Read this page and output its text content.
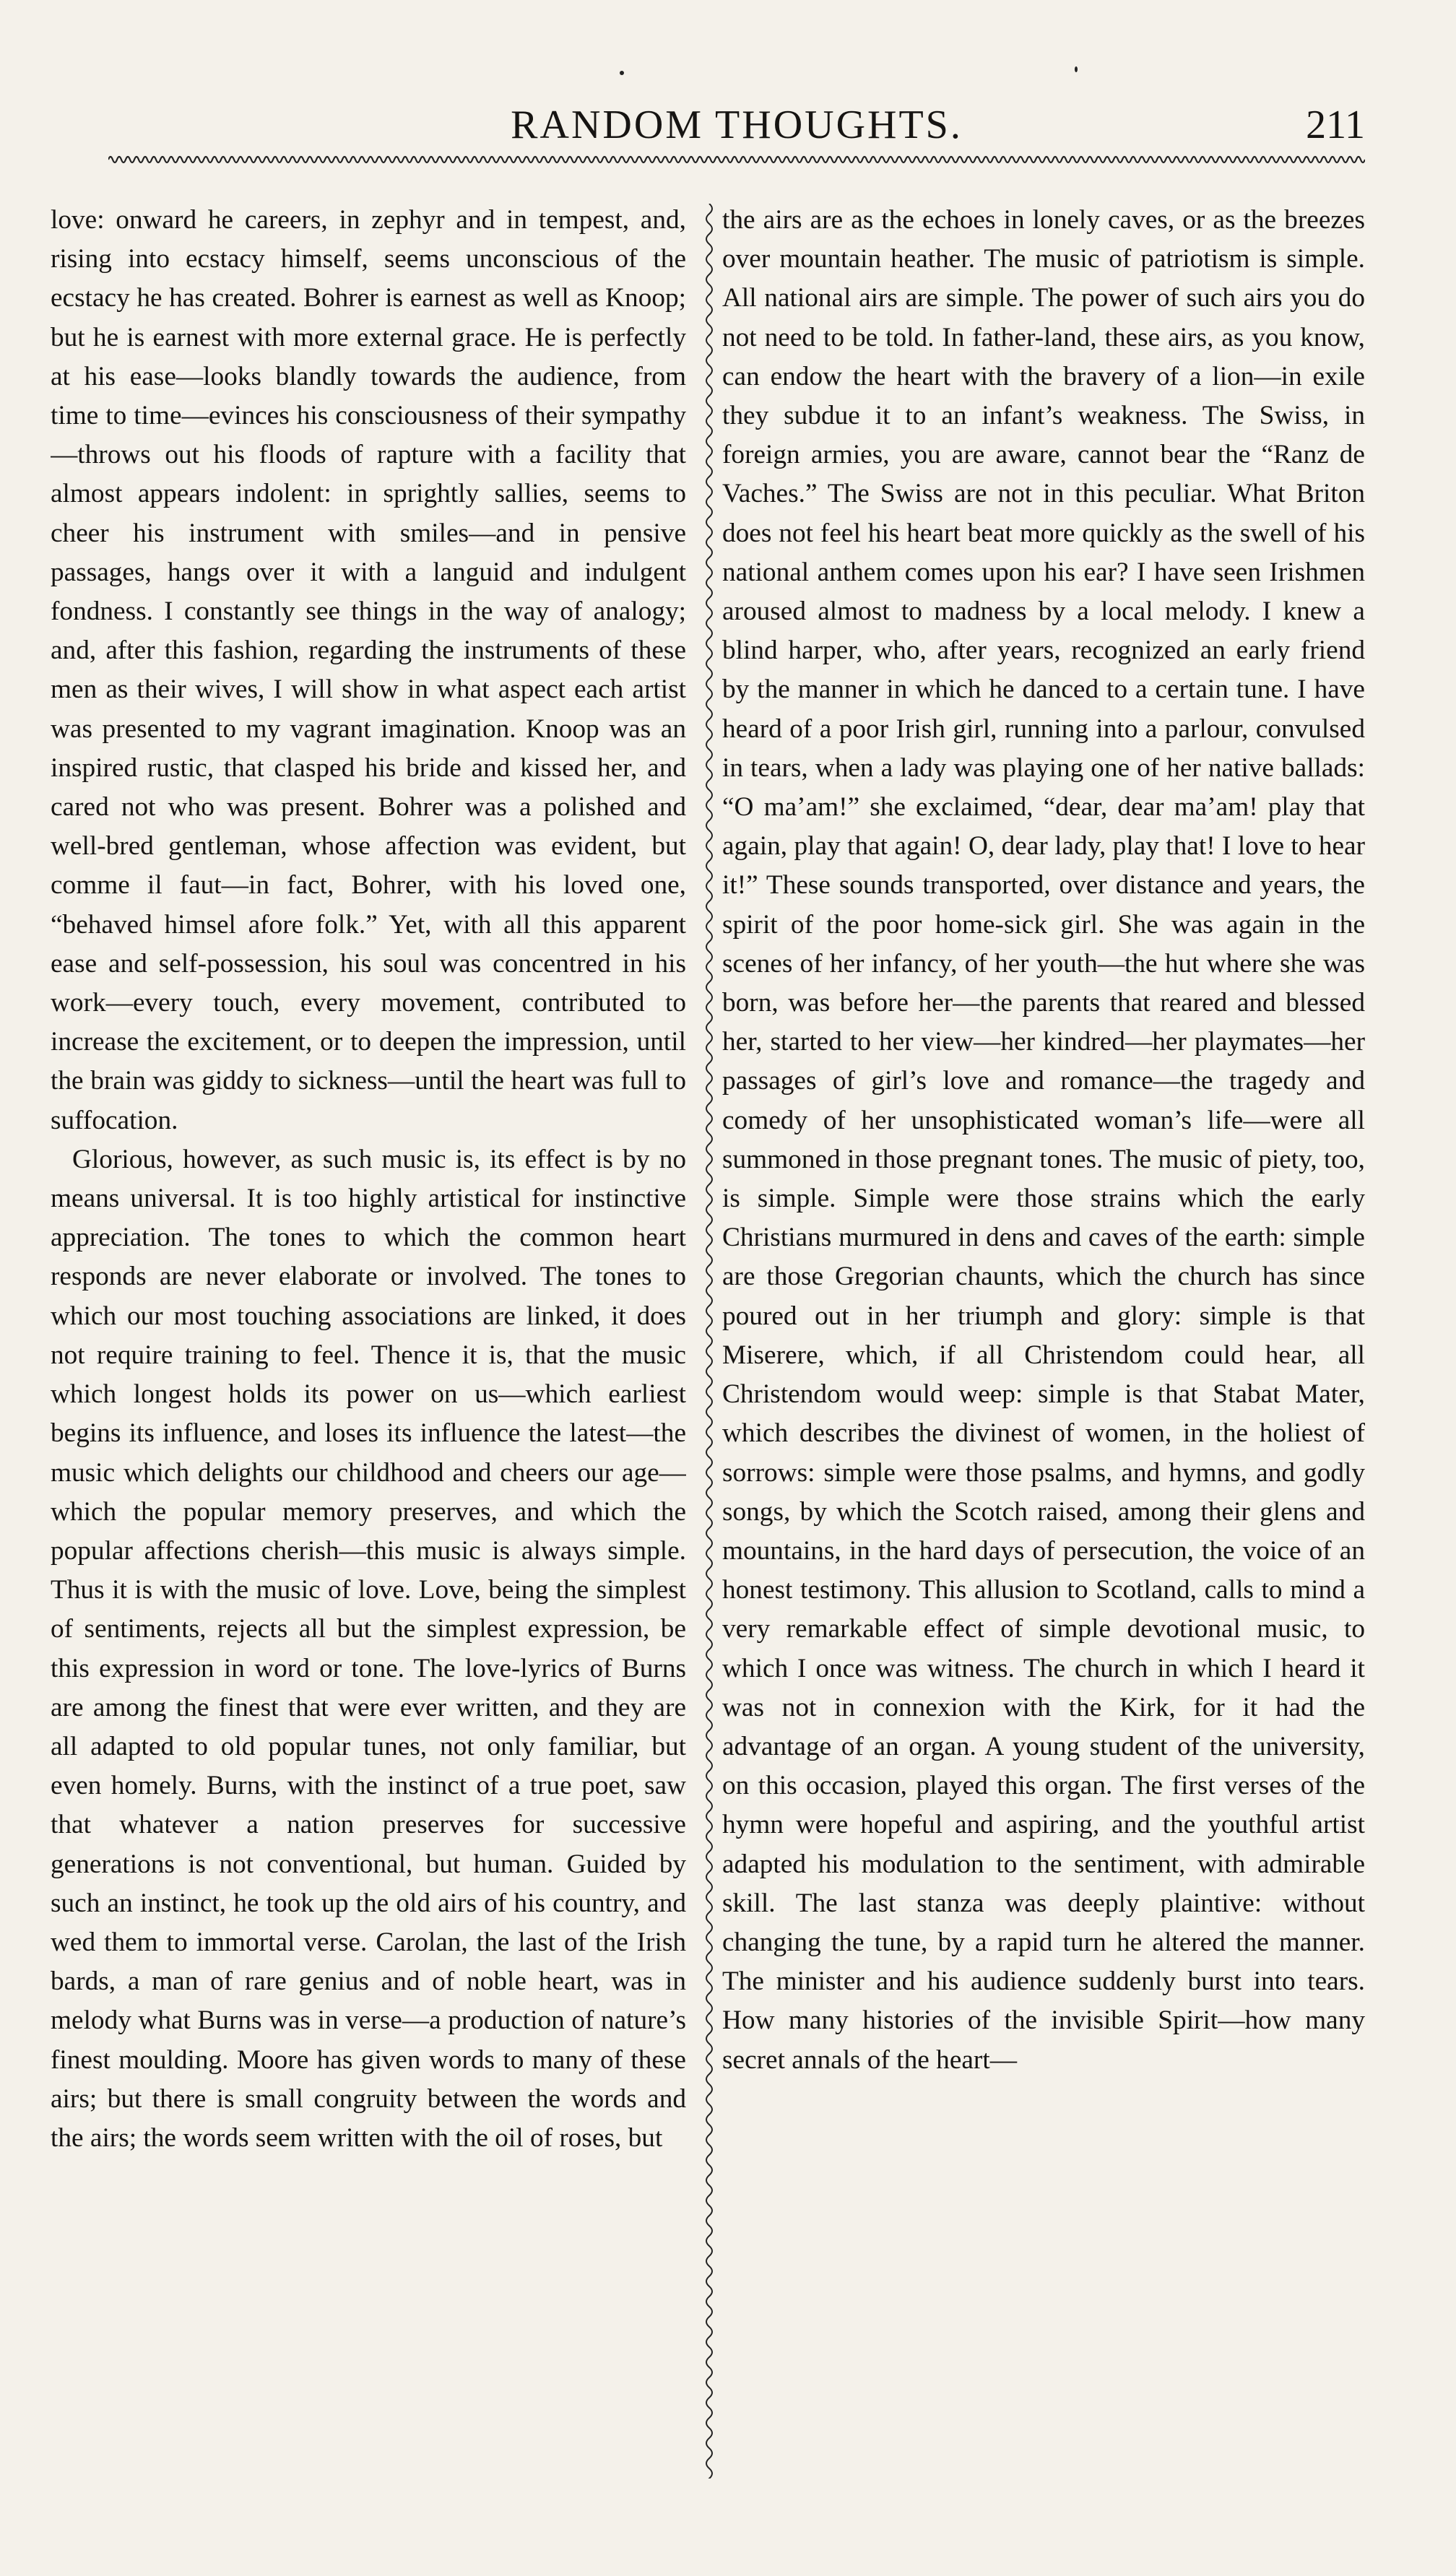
RANDOM THOUGHTS.	211

love: onward he careers, in zephyr and in tempest, and, rising into ecstacy himself, seems unconscious of the ecstacy he has created. Bohrer is earnest as well as Knoop; but he is earnest with more external grace. He is perfectly at his ease—looks blandly towards the audience, from time to time—evinces his consciousness of their sympathy—throws out his floods of rapture with a facility that almost appears indolent: in sprightly sallies, seems to cheer his instrument with smiles—and in pensive passages, hangs over it with a languid and indulgent fondness. I constantly see things in the way of analogy; and, after this fashion, regarding the instruments of these men as their wives, I will show in what aspect each artist was presented to my vagrant imagination. Knoop was an inspired rustic, that clasped his bride and kissed her, and cared not who was present. Bohrer was a polished and well-bred gentleman, whose affection was evident, but comme il faut—in fact, Bohrer, with his loved one, “behaved himsel afore folk.” Yet, with all this apparent ease and self-possession, his soul was concentred in his work—every touch, every movement, contributed to increase the excitement, or to deepen the impression, until the brain was giddy to sickness—until the heart was full to suffocation.

Glorious, however, as such music is, its effect is by no means universal. It is too highly artistical for instinctive appreciation. The tones to which the common heart responds are never elaborate or involved. The tones to which our most touching associations are linked, it does not require training to feel. Thence it is, that the music which longest holds its power on us—which earliest begins its influence, and loses its influence the latest—the music which delights our childhood and cheers our age—which the popular memory preserves, and which the popular affections cherish—this music is always simple. Thus it is with the music of love. Love, being the simplest of sentiments, rejects all but the simplest expression, be this expression in word or tone. The love-lyrics of Burns are among the finest that were ever written, and they are all adapted to old popular tunes, not only familiar, but even homely. Burns, with the instinct of a true poet, saw that whatever a nation preserves for successive generations is not conventional, but human. Guided by such an instinct, he took up the old airs of his country, and wed them to immortal verse. Carolan, the last of the Irish bards, a man of rare genius and of noble heart, was in melody what Burns was in verse—a production of nature’s finest moulding. Moore has given words to many of these airs; but there is small congruity between the words and the airs; the words seem written with the oil of roses, but

the airs are as the echoes in lonely caves, or as the breezes over mountain heather. The music of patriotism is simple. All national airs are simple. The power of such airs you do not need to be told. In father-land, these airs, as you know, can endow the heart with the bravery of a lion—in exile they subdue it to an infant’s weakness. The Swiss, in foreign armies, you are aware, cannot bear the “Ranz de Vaches.” The Swiss are not in this peculiar. What Briton does not feel his heart beat more quickly as the swell of his national anthem comes upon his ear? I have seen Irishmen aroused almost to madness by a local melody. I knew a blind harper, who, after years, recognized an early friend by the manner in which he danced to a certain tune. I have heard of a poor Irish girl, running into a parlour, convulsed in tears, when a lady was playing one of her native ballads: “O ma’am!” she exclaimed, “dear, dear ma’am! play that again, play that again! O, dear lady, play that! I love to hear it!” These sounds transported, over distance and years, the spirit of the poor home-sick girl. She was again in the scenes of her infancy, of her youth—the hut where she was born, was before her—the parents that reared and blessed her, started to her view—her kindred—her playmates—her passages of girl’s love and romance—the tragedy and comedy of her unsophisticated woman’s life—were all summoned in those pregnant tones. The music of piety, too, is simple. Simple were those strains which the early Christians murmured in dens and caves of the earth: simple are those Gregorian chaunts, which the church has since poured out in her triumph and glory: simple is that Miserere, which, if all Christendom could hear, all Christendom would weep: simple is that Stabat Mater, which describes the divinest of women, in the holiest of sorrows: simple were those psalms, and hymns, and godly songs, by which the Scotch raised, among their glens and mountains, in the hard days of persecution, the voice of an honest testimony. This allusion to Scotland, calls to mind a very remarkable effect of simple devotional music, to which I once was witness. The church in which I heard it was not in connexion with the Kirk, for it had the advantage of an organ. A young student of the university, on this occasion, played this organ. The first verses of the hymn were hopeful and aspiring, and the youthful artist adapted his modulation to the sentiment, with admirable skill. The last stanza was deeply plaintive: without changing the tune, by a rapid turn he altered the manner. The minister and his audience suddenly burst into tears. How many histories of the invisible Spirit—how many secret annals of the heart—
